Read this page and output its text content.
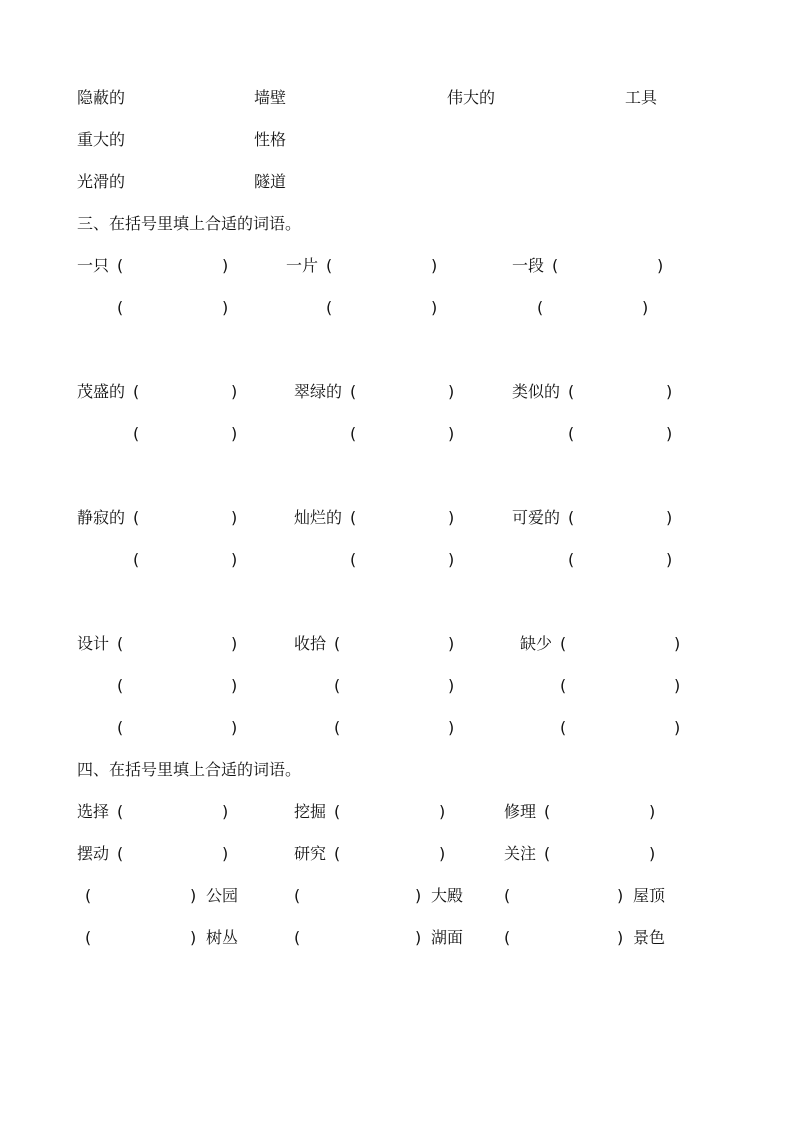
隐蔽的	墙壁	伟大的	工具
重大的	性格
光滑的	隧道
三、在括号里填上合适的词语。
一只 (	)	一片 (	)	一段 (	)
(	)	(	)	(	)
茂盛的 (	)	翠绿的 (	)	类似的 (	)
(	)	(	)	(	)
静寂的 (	)	灿烂的 (	)	可爱的 (	)
(	)	(	)	(	)
设计 (	)	收拾 (	)	缺少 (	)
(	)	(	)	(	)
(	)	(	)	(	)
四、在括号里填上合适的词语。
选择 (	)	挖掘 (	)	修理 (	)
摆动 (	)	研究 (	)	关注 (	)
(	) 公园	(	) 大殿	(	) 屋顶
(	) 树丛	(	) 湖面	(	) 景色
